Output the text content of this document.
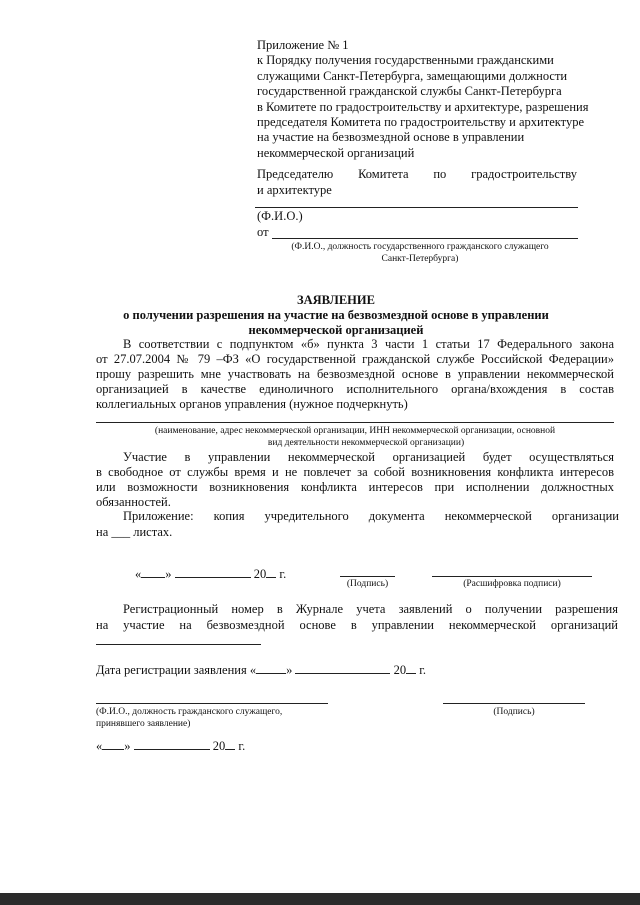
Приложение № 1
к Порядку получения государственными гражданскими
служащими Санкт-Петербурга, замещающими должности
государственной гражданской службы Санкт-Петербурга
в Комитете по градостроительству и архитектуре, разрешения
председателя Комитета по градостроительству и архитектуре
на участие на безвозмездной основе в управлении
некоммерческой организаций
Председателю Комитета по градостроительству
и архитектуре
(Ф.И.О.)
от
(Ф.И.О., должность государственного гражданского служащего
Санкт-Петербурга)
ЗАЯВЛЕНИЕ
о получении разрешения на участие на безвозмездной основе в управлении
некоммерческой организацией
В соответствии с подпунктом «б» пункта 3 части 1 статьи 17 Федерального закона
от 27.07.2004 № 79 –ФЗ «О государственной гражданской службе Российской Федерации»
прошу разрешить мне участвовать на безвозмездной основе в управлении некоммерческой
организацией в качестве единоличного исполнительного органа/вхождения в состав
коллегиальных органов управления (нужное подчеркнуть)
(наименование, адрес некоммерческой организации, ИНН некоммерческой организации, основной
вид деятельности некоммерческой организации)
Участие в управлении некоммерческой организацией будет осуществляться
в свободное от службы время и не повлечет за собой возникновения конфликта интересов
или возможности возникновения конфликта интересов при исполнении должностных
обязанностей.
Приложение: копия учредительного документа некоммерческой организации
на ___ листах.
« »	20 г.
(Подпись)	(Расшифровка подписи)
Регистрационный номер в Журнале учета заявлений о получении разрешения
на участие на безвозмездной основе в управлении некоммерческой организаций
Дата регистрации заявления « »	20 г.
(Ф.И.О., должность гражданского служащего,
принявшего заявление)
(Подпись)
« »	20 г.
